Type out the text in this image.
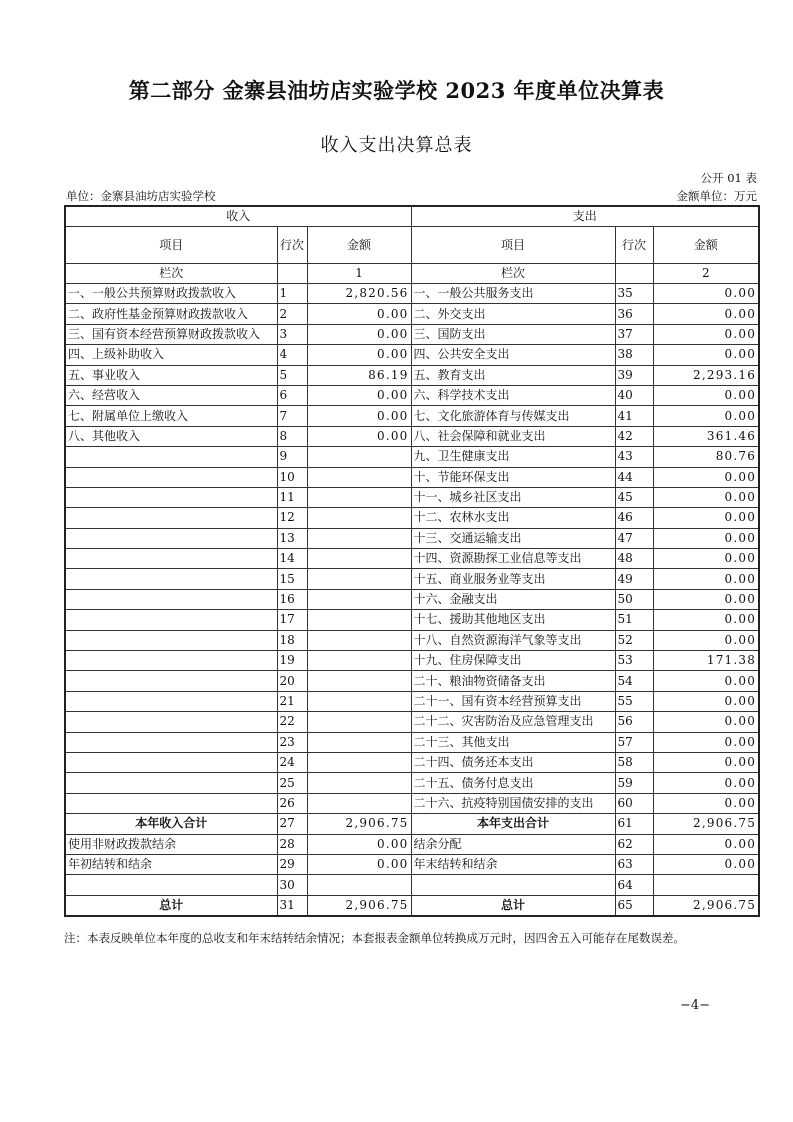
第二部分 金寨县油坊店实验学校 2023 年度单位决算表
收入支出决算总表
公开 01 表
单位：金寨县油坊店实验学校	金额单位：万元
收入			支出		
项目	行次	金额	项目	行次	金额
栏次		1	栏次		2
一、一般公共预算财政拨款收入	1	2,820.56	一、一般公共服务支出	35	0.00
二、政府性基金预算财政拨款收入	2	0.00	二、外交支出	36	0.00
三、国有资本经营预算财政拨款收入	3	0.00	三、国防支出	37	0.00
四、上级补助收入	4	0.00	四、公共安全支出	38	0.00
五、事业收入	5	86.19	五、教育支出	39	2,293.16
六、经营收入	6	0.00	六、科学技术支出	40	0.00
七、附属单位上缴收入	7	0.00	七、文化旅游体育与传媒支出	41	0.00
八、其他收入	8	0.00	八、社会保障和就业支出	42	361.46
	9		九、卫生健康支出	43	80.76
	10		十、节能环保支出	44	0.00
	11		十一、城乡社区支出	45	0.00
	12		十二、农林水支出	46	0.00
	13		十三、交通运输支出	47	0.00
	14		十四、资源勘探工业信息等支出	48	0.00
	15		十五、商业服务业等支出	49	0.00
	16		十六、金融支出	50	0.00
	17		十七、援助其他地区支出	51	0.00
	18		十八、自然资源海洋气象等支出	52	0.00
	19		十九、住房保障支出	53	171.38
	20		二十、粮油物资储备支出	54	0.00
	21		二十一、国有资本经营预算支出	55	0.00
	22		二十二、灾害防治及应急管理支出	56	0.00
	23		二十三、其他支出	57	0.00
	24		二十四、债务还本支出	58	0.00
	25		二十五、债务付息支出	59	0.00
	26		二十六、抗疫特别国债安排的支出	60	0.00
本年收入合计	27	2,906.75	本年支出合计	61	2,906.75
使用非财政拨款结余	28	0.00	结余分配	62	0.00
年初结转和结余	29	0.00	年末结转和结余	63	0.00
	30			64	
总计	31	2,906.75	总计	65	2,906.75
注：本表反映单位本年度的总收支和年末结转结余情况；本套报表金额单位转换成万元时，因四舍五入可能存在尾数误差。
−4−
